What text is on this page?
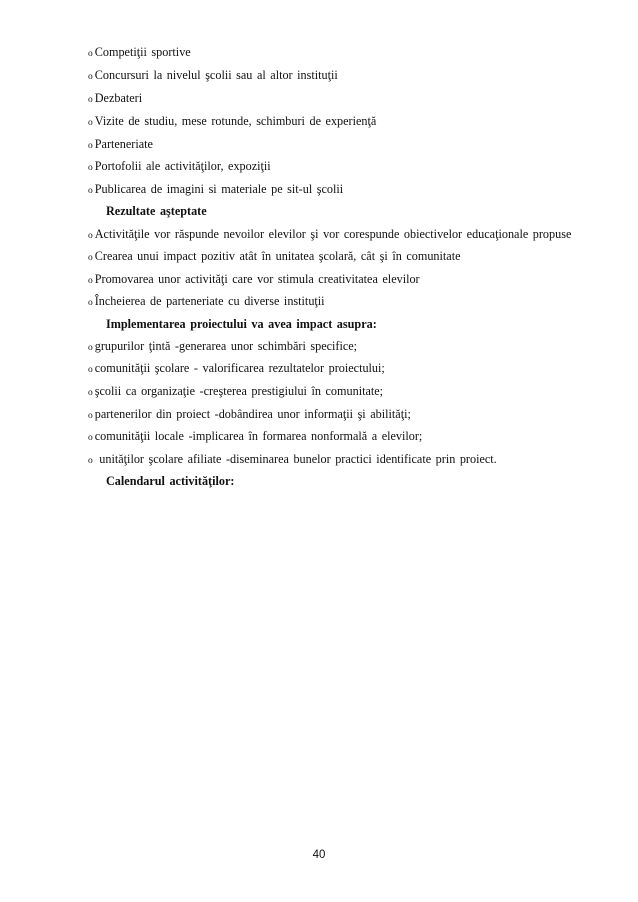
o Competiţii sportive
o Concursuri la nivelul şcolii sau al altor instituţii
o Dezbateri
o Vizite de studiu, mese rotunde, schimburi de experienţă
o Parteneriate
o Portofolii ale activităţilor, expoziţii
o Publicarea de imagini si materiale pe sit-ul şcolii
Rezultate aşteptate
o Activităţile vor răspunde nevoilor elevilor şi vor corespunde obiectivelor educaţionale propuse
o Crearea unui impact pozitiv atât în unitatea şcolară, cât şi în comunitate
o Promovarea unor activităţi care vor stimula creativitatea elevilor
o Încheierea de parteneriate cu diverse instituţii
Implementarea proiectului va avea impact asupra:
o grupurilor ţintă -generarea unor schimbări specifice;
o comunităţii şcolare - valorificarea rezultatelor proiectului;
o şcolii ca organizaţie -creşterea prestigiului în comunitate;
o partenerilor din proiect -dobândirea unor informaţii şi abilităţi;
o comunităţii locale -implicarea în formarea nonformală a elevilor;
o unităţilor şcolare afiliate -diseminarea bunelor practici identificate prin proiect.
Calendarul activităţilor:
40
